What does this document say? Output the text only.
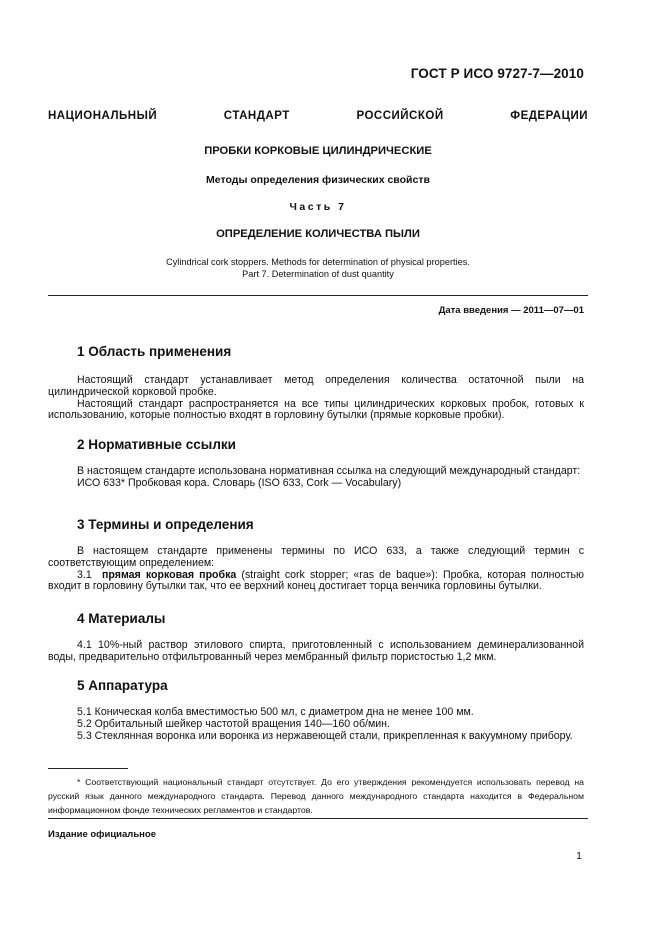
ГОСТ Р ИСО 9727-7—2010
НАЦИОНАЛЬНЫЙ СТАНДАРТ РОССИЙСКОЙ ФЕДЕРАЦИИ
ПРОБКИ КОРКОВЫЕ ЦИЛИНДРИЧЕСКИЕ
Методы определения физических свойств
Часть 7
ОПРЕДЕЛЕНИЕ КОЛИЧЕСТВА ПЫЛИ
Cylindrical cork stoppers. Methods for determination of physical properties.
Part 7. Determination of dust quantity
Дата введения — 2011—07—01
1 Область применения
Настоящий стандарт устанавливает метод определения количества остаточной пыли на цилиндрической корковой пробке.
Настоящий стандарт распространяется на все типы цилиндрических корковых пробок, готовых к использованию, которые полностью входят в горловину бутылки (прямые корковые пробки).
2 Нормативные ссылки
В настоящем стандарте использована нормативная ссылка на следующий международный стандарт:
ИСО 633* Пробковая кора. Словарь (ISO 633, Cork — Vocabulary)
3 Термины и определения
В настоящем стандарте применены термины по ИСО 633, а также следующий термин с соответствующим определением:
3.1 прямая корковая пробка (straight cork stopper; «ras de baque»): Пробка, которая полностью входит в горловину бутылки так, что ее верхний конец достигает торца венчика горловины бутылки.
4 Материалы
4.1 10%-ный раствор этилового спирта, приготовленный с использованием деминерализованной воды, предварительно отфильтрованный через мембранный фильтр пористостью 1,2 мкм.
5 Аппаратура
5.1 Коническая колба вместимостью 500 мл, с диаметром дна не менее 100 мм.
5.2 Орбитальный шейкер частотой вращения 140—160 об/мин.
5.3 Стеклянная воронка или воронка из нержавеющей стали, прикрепленная к вакуумному прибору.
* Соответствующий национальный стандарт отсутствует. До его утверждения рекомендуется использовать перевод на русский язык данного международного стандарта. Перевод данного международного стандарта находится в Федеральном информационном фонде технических регламентов и стандартов.
Издание официальное
1
